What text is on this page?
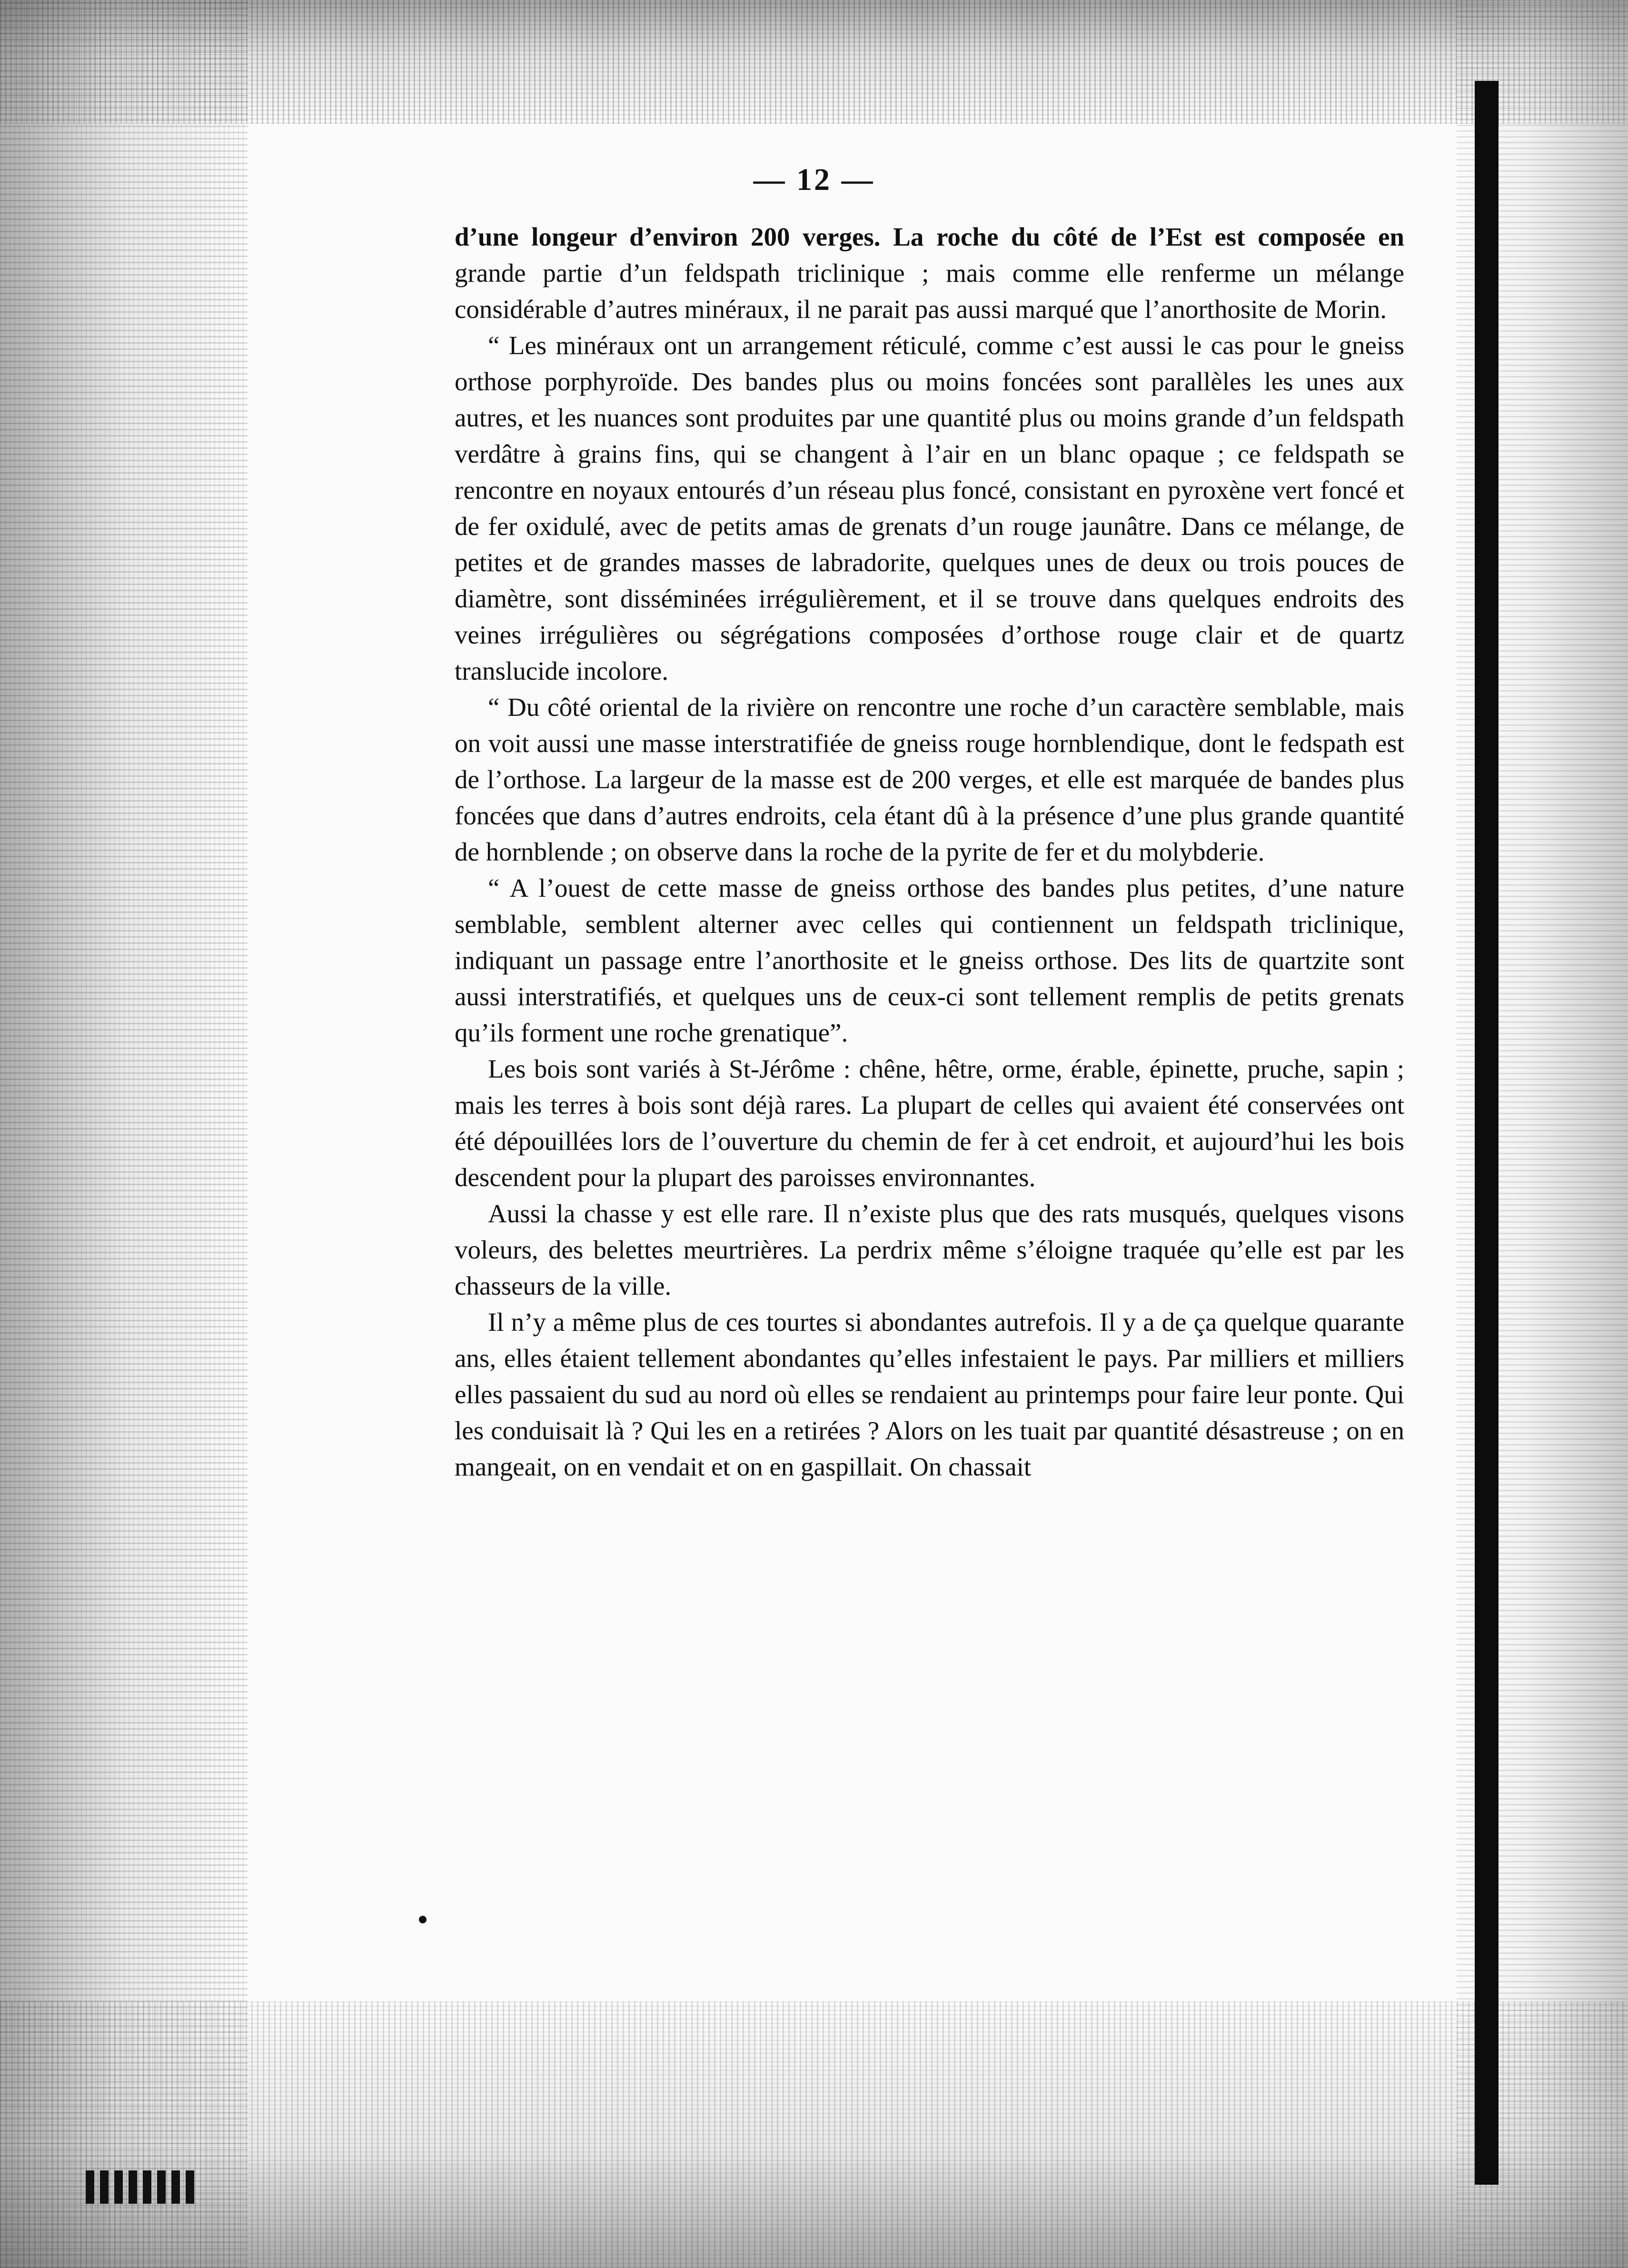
— 12 —

d’une longeur d’environ 200 verges. La roche du côté de l’Est est composée en grande partie d’un feldspath triclinique ; mais comme elle renferme un mélange considérable d’autres minéraux, il ne parait pas aussi marqué que l’anorthosite de Morin.

“ Les minéraux ont un arrangement réticulé, comme c’est aussi le cas pour le gneiss orthose porphyroïde. Des bandes plus ou moins foncées sont parallèles les unes aux autres, et les nuances sont produites par une quantité plus ou moins grande d’un feldspath verdâtre à grains fins, qui se changent à l’air en un blanc opaque ; ce feldspath se rencontre en noyaux entourés d’un réseau plus foncé, consistant en pyroxène vert foncé et de fer oxidulé, avec de petits amas de grenats d’un rouge jaunâtre. Dans ce mélange, de petites et de grandes masses de labradorite, quelques unes de deux ou trois pouces de diamètre, sont disséminées irrégulièrement, et il se trouve dans quelques endroits des veines irrégulières ou ségrégations composées d’orthose rouge clair et de quartz translucide incolore.

“ Du côté oriental de la rivière on rencontre une roche d’un caractère semblable, mais on voit aussi une masse interstratifiée de gneiss rouge hornblendique, dont le fedspath est de l’orthose. La largeur de la masse est de 200 verges, et elle est marquée de bandes plus foncées que dans d’autres endroits, cela étant dû à la présence d’une plus grande quantité de hornblende ; on observe dans la roche de la pyrite de fer et du molybderie.

“ A l’ouest de cette masse de gneiss orthose des bandes plus petites, d’une nature semblable, semblent alterner avec celles qui contiennent un feldspath triclinique, indiquant un passage entre l’anorthosite et le gneiss orthose. Des lits de quartzite sont aussi interstratifiés, et quelques uns de ceux-ci sont tellement remplis de petits grenats qu’ils forment une roche grenatique”.

Les bois sont variés à St-Jérôme : chêne, hêtre, orme, érable, épinette, pruche, sapin ; mais les terres à bois sont déjà rares. La plupart de celles qui avaient été conservées ont été dépouillées lors de l’ouverture du chemin de fer à cet endroit, et aujourd’hui les bois descendent pour la plupart des paroisses environnantes.

Aussi la chasse y est elle rare. Il n’existe plus que des rats musqués, quelques visons voleurs, des belettes meurtrières. La perdrix même s’éloigne traquée qu’elle est par les chasseurs de la ville.

Il n’y a même plus de ces tourtes si abondantes autrefois. Il y a de ça quelque quarante ans, elles étaient tellement abondantes qu’elles infestaient le pays. Par milliers et milliers elles passaient du sud au nord où elles se rendaient au printemps pour faire leur ponte. Qui les conduisait là ? Qui les en a retirées ? Alors on les tuait par quantité désastreuse ; on en mangeait, on en vendait et on en gaspillait. On chassait
